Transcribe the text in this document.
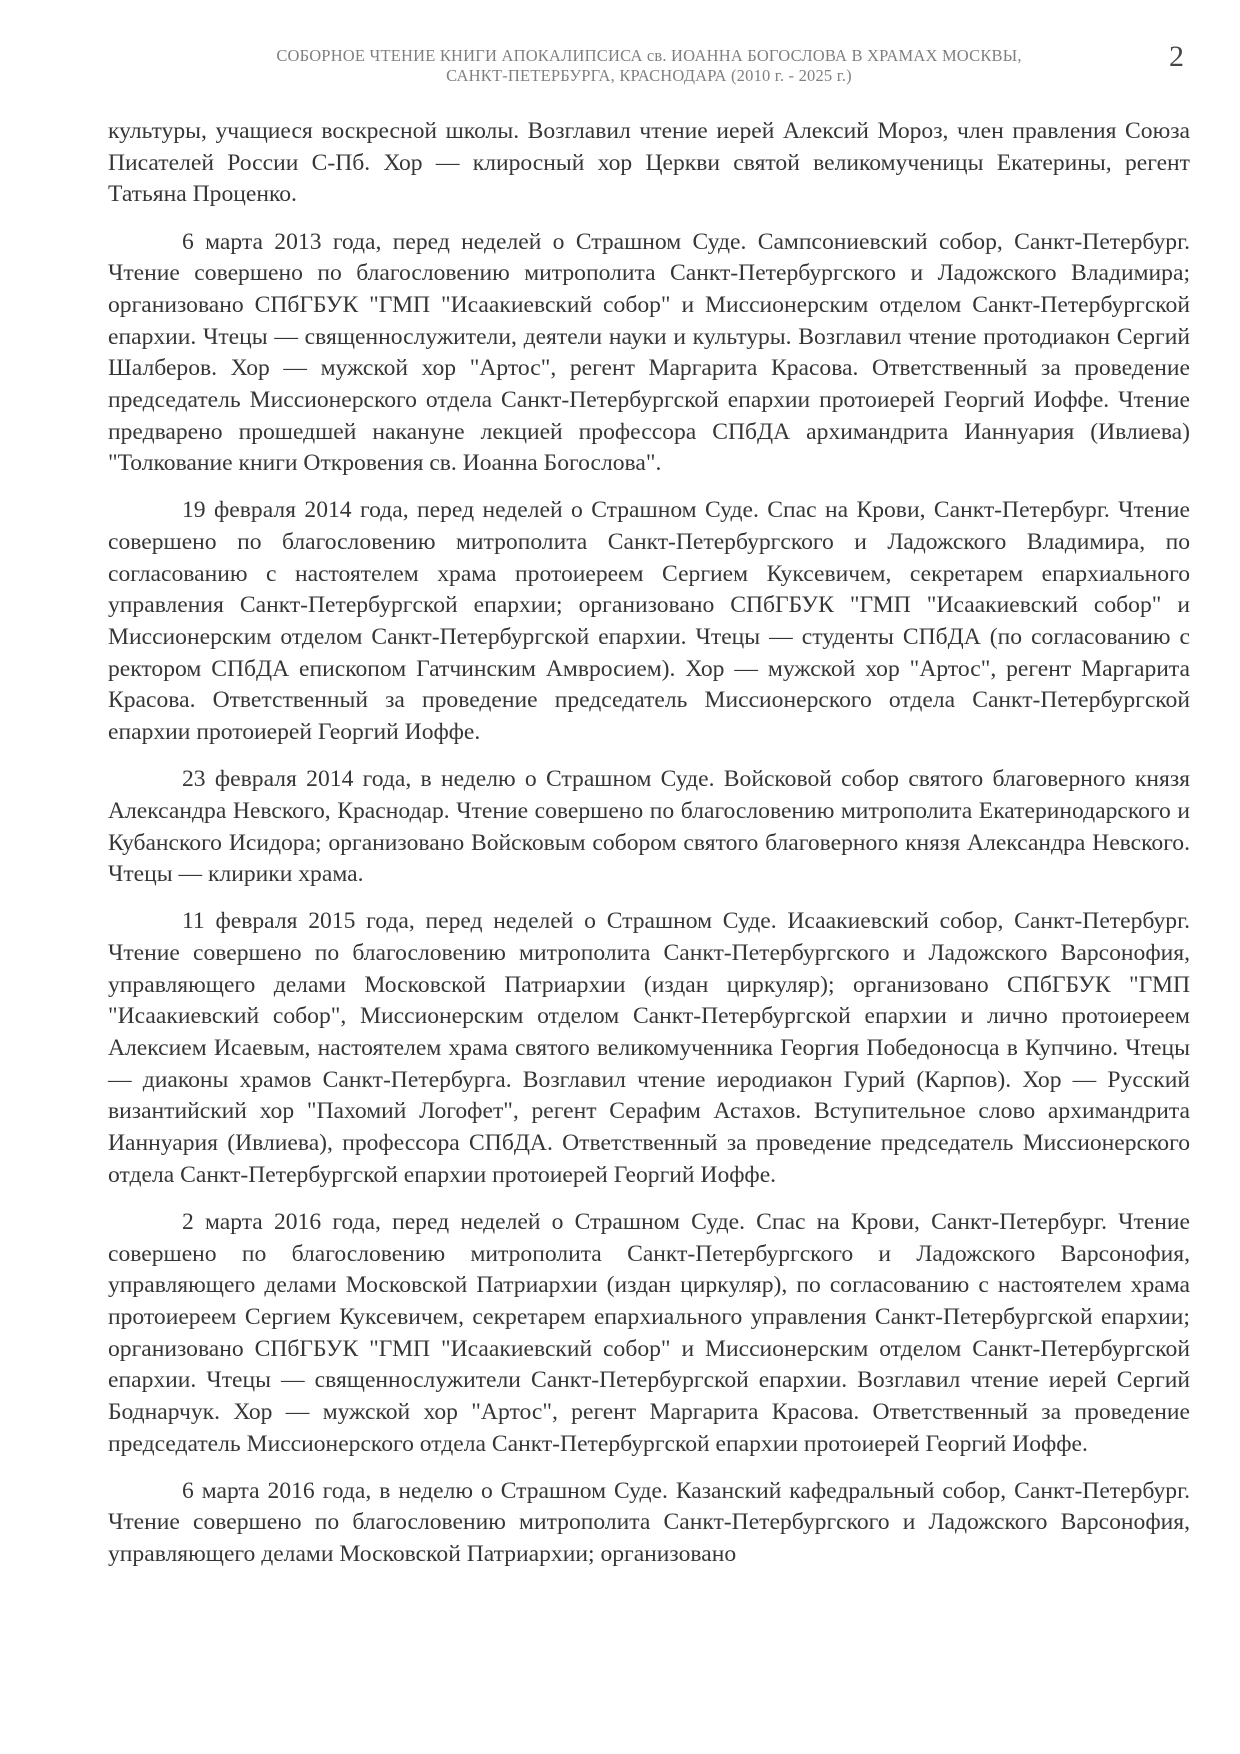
СОБОРНОЕ ЧТЕНИЕ КНИГИ АПОКАЛИПСИСА св. ИОАННА БОГОСЛОВА В ХРАМАХ МОСКВЫ,
САНКТ-ПЕТЕРБУРГА, КРАСНОДАРА (2010 г. - 2025 г.)
2

культуры, учащиеся воскресной школы. Возглавил чтение иерей Алексий Мороз, член правления Союза Писателей России С-Пб. Хор — клиросный хор Церкви святой великомученицы Екатерины, регент Татьяна Проценко.

6 марта 2013 года, перед неделей о Страшном Суде. Сампсониевский собор, Санкт-Петербург. Чтение совершено по благословению митрополита Санкт-Петербургского и Ладожского Владимира; организовано СПбГБУК "ГМП "Исаакиевский собор" и Миссионерским отделом Санкт-Петербургской епархии. Чтецы — священнослужители, деятели науки и культуры. Возглавил чтение протодиакон Сергий Шалберов. Хор — мужской хор "Артос", регент Маргарита Красова. Ответственный за проведение председатель Миссионерского отдела Санкт-Петербургской епархии протоиерей Георгий Иоффе. Чтение предварено прошедшей накануне лекцией профессора СПбДА архимандрита Ианнуария (Ивлиева) "Толкование книги Откровения св. Иоанна Богослова".

19 февраля 2014 года, перед неделей о Страшном Суде. Спас на Крови, Санкт-Петербург. Чтение совершено по благословению митрополита Санкт-Петербургского и Ладожского Владимира, по согласованию с настоятелем храма протоиереем Сергием Куксевичем, секретарем епархиального управления Санкт-Петербургской епархии; организовано СПбГБУК "ГМП "Исаакиевский собор" и Миссионерским отделом Санкт-Петербургской епархии. Чтецы — студенты СПбДА (по согласованию с ректором СПбДА епископом Гатчинским Амвросием). Хор — мужской хор "Артос", регент Маргарита Красова. Ответственный за проведение председатель Миссионерского отдела Санкт-Петербургской епархии протоиерей Георгий Иоффе.

23 февраля 2014 года, в неделю о Страшном Суде. Войсковой собор святого благоверного князя Александра Невского, Краснодар. Чтение совершено по благословению митрополита Екатеринодарского и Кубанского Исидора; организовано Войсковым собором святого благоверного князя Александра Невского. Чтецы — клирики храма.

11 февраля 2015 года, перед неделей о Страшном Суде. Исаакиевский собор, Санкт-Петербург. Чтение совершено по благословению митрополита Санкт-Петербургского и Ладожского Варсонофия, управляющего делами Московской Патриархии (издан циркуляр); организовано СПбГБУК "ГМП "Исаакиевский собор", Миссионерским отделом Санкт-Петербургской епархии и лично протоиереем Алексием Исаевым, настоятелем храма святого великомученника Георгия Победоносца в Купчино. Чтецы — диаконы храмов Санкт-Петербурга. Возглавил чтение иеродиакон Гурий (Карпов). Хор — Русский византийский хор "Пахомий Логофет", регент Серафим Астахов. Вступительное слово архимандрита Ианнуария (Ивлиева), профессора СПбДА. Ответственный за проведение председатель Миссионерского отдела Санкт-Петербургской епархии протоиерей Георгий Иоффе.

2 марта 2016 года, перед неделей о Страшном Суде. Спас на Крови, Санкт-Петербург. Чтение совершено по благословению митрополита Санкт-Петербургского и Ладожского Варсонофия, управляющего делами Московской Патриархии (издан циркуляр), по согласованию с настоятелем храма протоиереем Сергием Куксевичем, секретарем епархиального управления Санкт-Петербургской епархии; организовано СПбГБУК "ГМП "Исаакиевский собор" и Миссионерским отделом Санкт-Петербургской епархии. Чтецы — священнослужители Санкт-Петербургской епархии. Возглавил чтение иерей Сергий Боднарчук. Хор — мужской хор "Артос", регент Маргарита Красова. Ответственный за проведение председатель Миссионерского отдела Санкт-Петербургской епархии протоиерей Георгий Иоффе.

6 марта 2016 года, в неделю о Страшном Суде. Казанский кафедральный собор, Санкт-Петербург. Чтение совершено по благословению митрополита Санкт-Петербургского и Ладожского Варсонофия, управляющего делами Московской Патриархии; организовано
